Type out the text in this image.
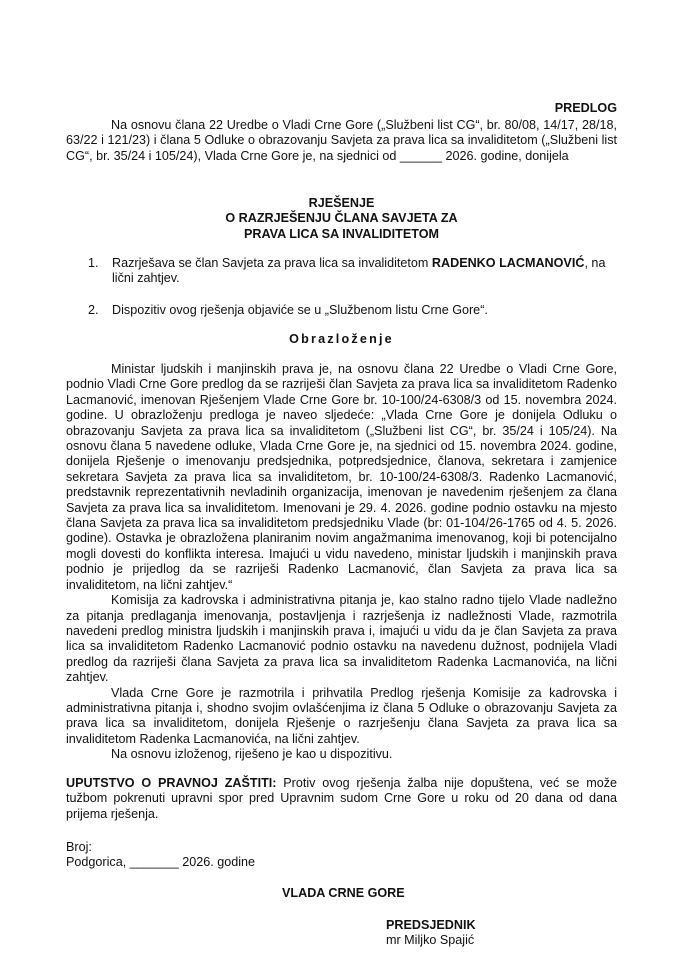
PREDLOG
Na osnovu člana 22 Uredbe o Vladi Crne Gore („Službeni list CG“, br. 80/08, 14/17, 28/18, 63/22 i 121/23) i člana 5 Odluke o obrazovanju Savjeta za prava lica sa invaliditetom („Službeni list CG“, br. 35/24 i 105/24), Vlada Crne Gore je, na sjednici od ______ 2026. godine, donijela
RJEŠENJE
O RAZRJEŠENJU ČLANA SAVJETA ZA
PRAVA LICA SA INVALIDITETOM
1. Razrješava se član Savjeta za prava lica sa invaliditetom RADENKO LACMANOVIĆ, na lični zahtjev.
2. Dispozitiv ovog rješenja objaviće se u „Službenom listu Crne Gore“.
Obrazloženje
Ministar ljudskih i manjinskih prava je, na osnovu člana 22 Uredbe o Vladi Crne Gore, podnio Vladi Crne Gore predlog da se razriješi član Savjeta za prava lica sa invaliditetom Radenko Lacmanović, imenovan Rješenjem Vlade Crne Gore br. 10-100/24-6308/3 od 15. novembra 2024. godine. U obrazloženju predloga je naveo sljedeće: „Vlada Crne Gore je donijela Odluku o obrazovanju Savjeta za prava lica sa invaliditetom („Službeni list CG“, br. 35/24 i 105/24). Na osnovu člana 5 navedene odluke, Vlada Crne Gore je, na sjednici od 15. novembra 2024. godine, donijela Rješenje o imenovanju predsjednika, potpredsjednice, članova, sekretara i zamjenice sekretara Savjeta za prava lica sa invaliditetom, br. 10-100/24-6308/3. Radenko Lacmanović, predstavnik reprezentativnih nevladinih organizacija, imenovan je navedenim rješenjem za člana Savjeta za prava lica sa invaliditetom. Imenovani je 29. 4. 2026. godine podnio ostavku na mjesto člana Savjeta za prava lica sa invaliditetom predsjedniku Vlade (br: 01-104/26-1765 od 4. 5. 2026. godine). Ostavka je obrazložena planiranim novim angažmanima imenovanog, koji bi potencijalno mogli dovesti do konflikta interesa. Imajući u vidu navedeno, ministar ljudskih i manjinskih prava podnio je prijedlog da se razriješi Radenko Lacmanović, član Savjeta za prava lica sa invaliditetom, na lični zahtjev.“
Komisija za kadrovska i administrativna pitanja je, kao stalno radno tijelo Vlade nadležno za pitanja predlaganja imenovanja, postavljenja i razrješenja iz nadležnosti Vlade, razmotrila navedeni predlog ministra ljudskih i manjinskih prava i, imajući u vidu da je član Savjeta za prava lica sa invaliditetom Radenko Lacmanović podnio ostavku na navedenu dužnost, podnijela Vladi predlog da razriješi člana Savjeta za prava lica sa invaliditetom Radenka Lacmanovića, na lični zahtjev.
Vlada Crne Gore je razmotrila i prihvatila Predlog rješenja Komisije za kadrovska i administrativna pitanja i, shodno svojim ovlašćenjima iz člana 5 Odluke o obrazovanju Savjeta za prava lica sa invaliditetom, donijela Rješenje o razrješenju člana Savjeta za prava lica sa invaliditetom Radenka Lacmanovića, na lični zahtjev.
Na osnovu izloženog, riješeno je kao u dispozitivu.
UPUTSTVO O PRAVNOJ ZAŠTITI: Protiv ovog rješenja žalba nije dopuštena, već se može tužbom pokrenuti upravni spor pred Upravnim sudom Crne Gore u roku od 20 dana od dana prijema rješenja.
Broj:
Podgorica, _______ 2026. godine
VLADA CRNE GORE
PREDSJEDNIK
mr Miljko Spajić
